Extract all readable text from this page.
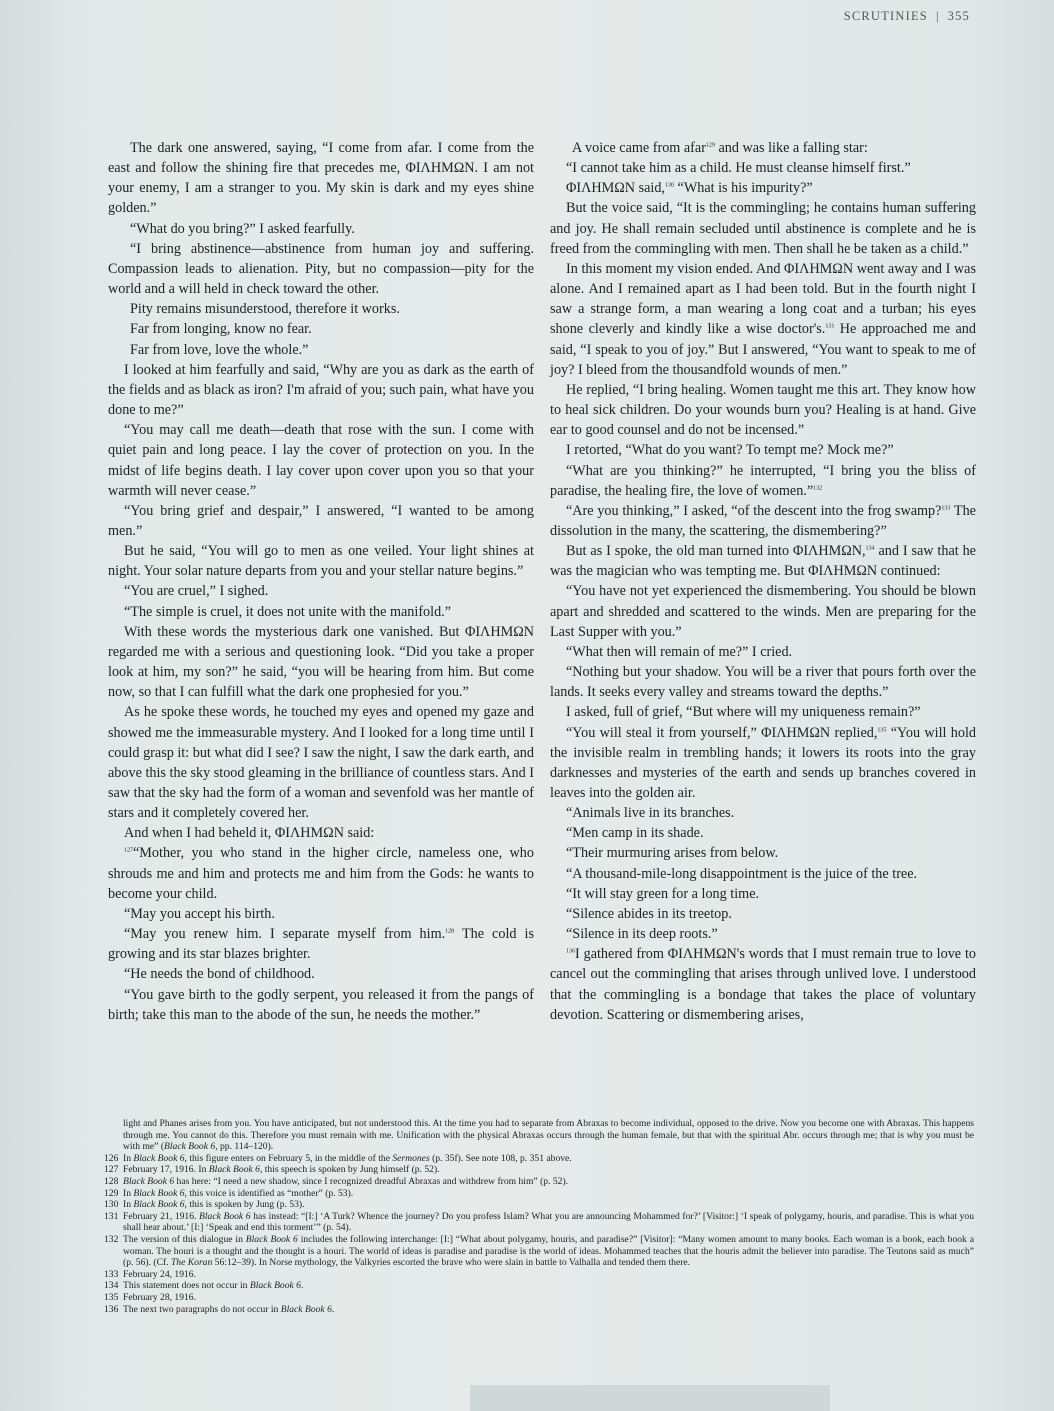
SCRUTINIES | 355

The dark one answered, saying, “I come from afar. I come from the east and follow the shining fire that precedes me, ΦΙΛΗΜΩΝ. I am not your enemy, I am a stranger to you. My skin is dark and my eyes shine golden.”

“What do you bring?” I asked fearfully.

“I bring abstinence—abstinence from human joy and suffering. Compassion leads to alienation. Pity, but no compassion—pity for the world and a will held in check toward the other.

Pity remains misunderstood, therefore it works.

Far from longing, know no fear.

Far from love, love the whole.”

I looked at him fearfully and said, “Why are you as dark as the earth of the fields and as black as iron? I'm afraid of you; such pain, what have you done to me?”

“You may call me death—death that rose with the sun. I come with quiet pain and long peace. I lay the cover of protection on you. In the midst of life begins death. I lay cover upon cover upon you so that your warmth will never cease.”

“You bring grief and despair,” I answered, “I wanted to be among men.”

But he said, “You will go to men as one veiled. Your light shines at night. Your solar nature departs from you and your stellar nature begins.”

“You are cruel,” I sighed.

“The simple is cruel, it does not unite with the manifold.”

With these words the mysterious dark one vanished. But ΦΙΛΗΜΩΝ regarded me with a serious and questioning look. “Did you take a proper look at him, my son?” he said, “you will be hearing from him. But come now, so that I can fulfill what the dark one prophesied for you.”

As he spoke these words, he touched my eyes and opened my gaze and showed me the immeasurable mystery. And I looked for a long time until I could grasp it: but what did I see? I saw the night, I saw the dark earth, and above this the sky stood gleaming in the brilliance of countless stars. And I saw that the sky had the form of a woman and sevenfold was her mantle of stars and it completely covered her.

And when I had beheld it, ΦΙΛΗΜΩΝ said:

$^{127}$“Mother, you who stand in the higher circle, nameless one, who shrouds me and him and protects me and him from the Gods: he wants to become your child.

“May you accept his birth.

“May you renew him. I separate myself from him.$^{128}$ The cold is growing and its star blazes brighter.

“He needs the bond of childhood.

“You gave birth to the godly serpent, you released it from the pangs of birth; take this man to the abode of the sun, he needs the mother.”

A voice came from afar$^{129}$ and was like a falling star:

“I cannot take him as a child. He must cleanse himself first.”

ΦΙΛΗΜΩΝ said,$^{130}$ “What is his impurity?”

But the voice said, “It is the commingling; he contains human suffering and joy. He shall remain secluded until abstinence is complete and he is freed from the commingling with men. Then shall he be taken as a child.”

In this moment my vision ended. And ΦΙΛΗΜΩΝ went away and I was alone. And I remained apart as I had been told. But in the fourth night I saw a strange form, a man wearing a long coat and a turban; his eyes shone cleverly and kindly like a wise doctor's.$^{131}$ He approached me and said, “I speak to you of joy.” But I answered, “You want to speak to me of joy? I bleed from the thousandfold wounds of men.”

He replied, “I bring healing. Women taught me this art. They know how to heal sick children. Do your wounds burn you? Healing is at hand. Give ear to good counsel and do not be incensed.”

I retorted, “What do you want? To tempt me? Mock me?”

“What are you thinking?” he interrupted, “I bring you the bliss of paradise, the healing fire, the love of women.”$^{132}$

“Are you thinking,” I asked, “of the descent into the frog swamp?$^{133}$ The dissolution in the many, the scattering, the dismembering?”

But as I spoke, the old man turned into ΦΙΛΗΜΩΝ,$^{134}$ and I saw that he was the magician who was tempting me. But ΦΙΛΗΜΩΝ continued:

“You have not yet experienced the dismembering. You should be blown apart and shredded and scattered to the winds. Men are preparing for the Last Supper with you.”

“What then will remain of me?” I cried.

“Nothing but your shadow. You will be a river that pours forth over the lands. It seeks every valley and streams toward the depths.”

I asked, full of grief, “But where will my uniqueness remain?”

“You will steal it from yourself,” ΦΙΛΗΜΩΝ replied,$^{135}$ “You will hold the invisible realm in trembling hands; it lowers its roots into the gray darknesses and mysteries of the earth and sends up branches covered in leaves into the golden air.

“Animals live in its branches.

“Men camp in its shade.

“Their murmuring arises from below.

“A thousand-mile-long disappointment is the juice of the tree.

“It will stay green for a long time.

“Silence abides in its treetop.

“Silence in its deep roots.”

$^{136}$I gathered from ΦΙΛΗΜΩΝ's words that I must remain true to love to cancel out the commingling that arises through unlived love. I understood that the commingling is a bondage that takes the place of voluntary devotion. Scattering or dismembering arises,

light and Phanes arises from you. You have anticipated, but not understood this. At the time you had to separate from Abraxas to become individual, opposed to the drive. Now you become one with Abraxas. This happens through me. You cannot do this. Therefore you must remain with me. Unification with the physical Abraxas occurs through the human female, but that with the spiritual Abr. occurs through me; that is why you must be with me” (Black Book 6, pp. 114–120).

126 In Black Book 6, this figure enters on February 5, in the middle of the Sermones (p. 35f). See note 108, p. 351 above.

127 February 17, 1916. In Black Book 6, this speech is spoken by Jung himself (p. 52).

128 Black Book 6 has here: “I need a new shadow, since I recognized dreadful Abraxas and withdrew from him” (p. 52).

129 In Black Book 6, this voice is identified as “mother” (p. 53).

130 In Black Book 6, this is spoken by Jung (p. 53).

131 February 21, 1916. Black Book 6 has instead: “[I:] ‘A Turk? Whence the journey? Do you profess Islam? What you are announcing Mohammed for?’ [Visitor:] ‘I speak of polygamy, houris, and paradise. This is what you shall hear about.’ [I:] ‘Speak and end this torment’” (p. 54).

132 The version of this dialogue in Black Book 6 includes the following interchange: [I:] “What about polygamy, houris, and paradise?” [Visitor]: “Many women amount to many books. Each woman is a book, each book a woman. The houri is a thought and the thought is a houri. The world of ideas is paradise and paradise is the world of ideas. Mohammed teaches that the houris admit the believer into paradise. The Teutons said as much” (p. 56). (Cf. The Koran 56:12–39). In Norse mythology, the Valkyries escorted the brave who were slain in battle to Valhalla and tended them there.

133 February 24, 1916.

134 This statement does not occur in Black Book 6.

135 February 28, 1916.

136 The next two paragraphs do not occur in Black Book 6.
